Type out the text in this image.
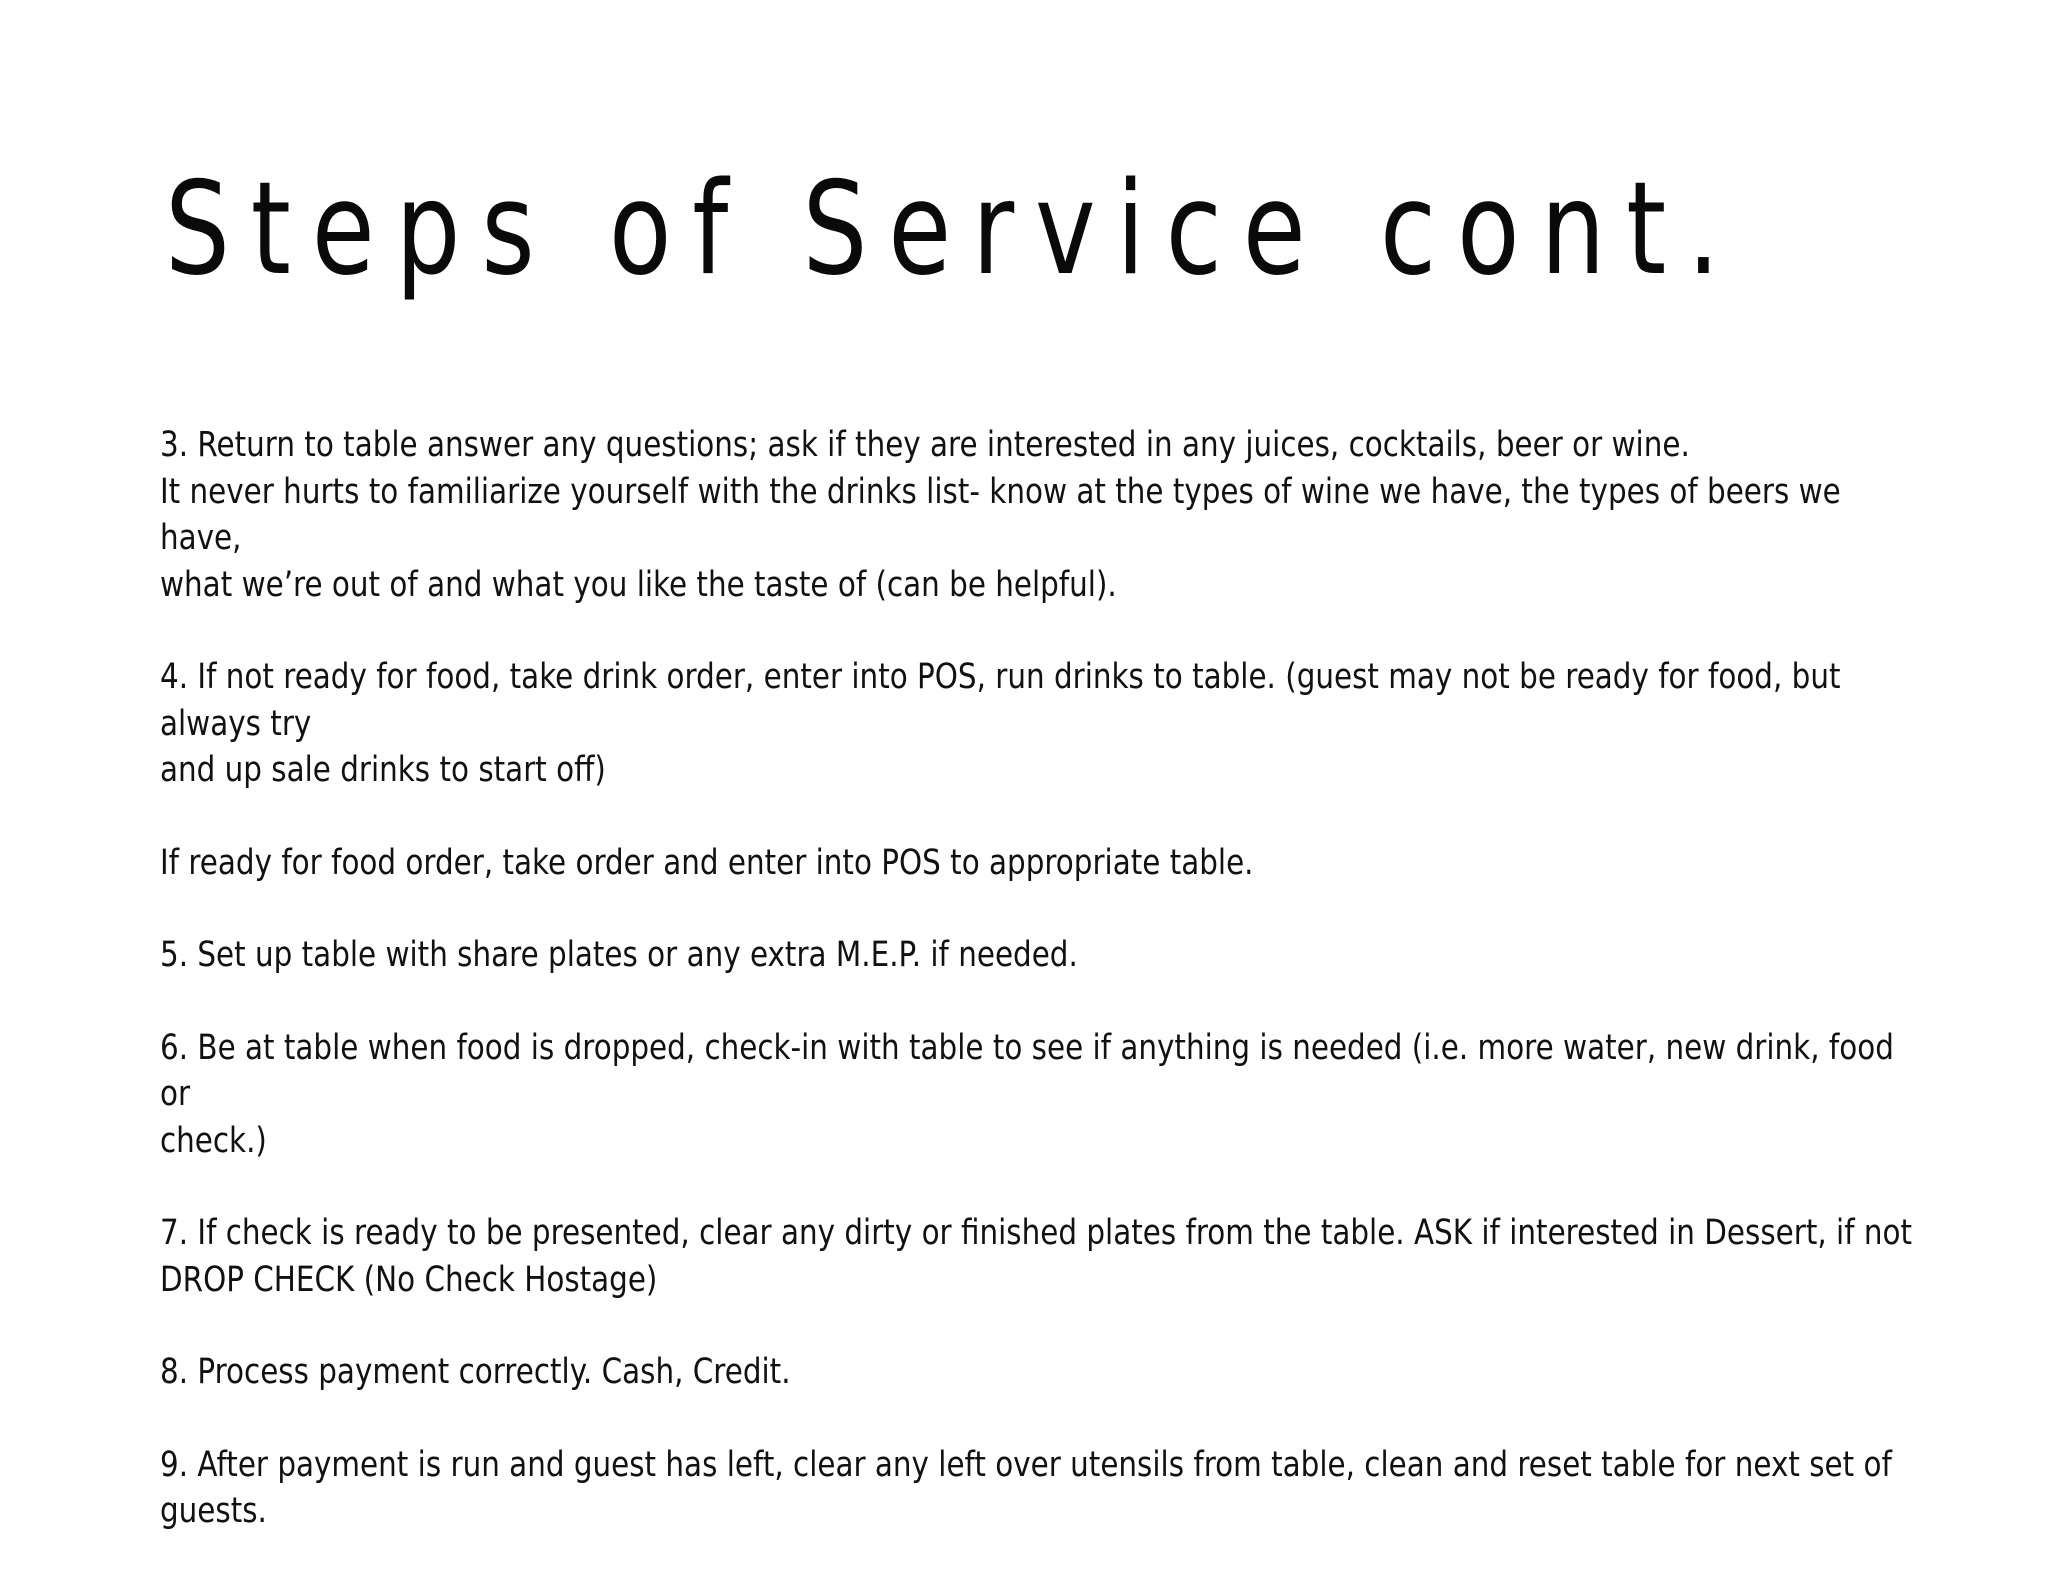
Steps of Service cont.

3. Return to table answer any questions; ask if they are interested in any juices, cocktails, beer or wine.
It never hurts to familiarize yourself with the drinks list- know at the types of wine we have, the types of beers we have,
what we’re out of and what you like the taste of (can be helpful).

4. If not ready for food, take drink order, enter into POS, run drinks to table. (guest may not be ready for food, but always try
and up sale drinks to start off)

If ready for food order, take order and enter into POS to appropriate table.

5. Set up table with share plates or any extra M.E.P. if needed.

6. Be at table when food is dropped, check-in with table to see if anything is needed (i.e. more water, new drink, food or
check.)

7. If check is ready to be presented, clear any dirty or finished plates from the table. ASK if interested in Dessert, if not
DROP CHECK (No Check Hostage)

8. Process payment correctly. Cash, Credit.

9. After payment is run and guest has left, clear any left over utensils from table, clean and reset table for next set of
guests.
